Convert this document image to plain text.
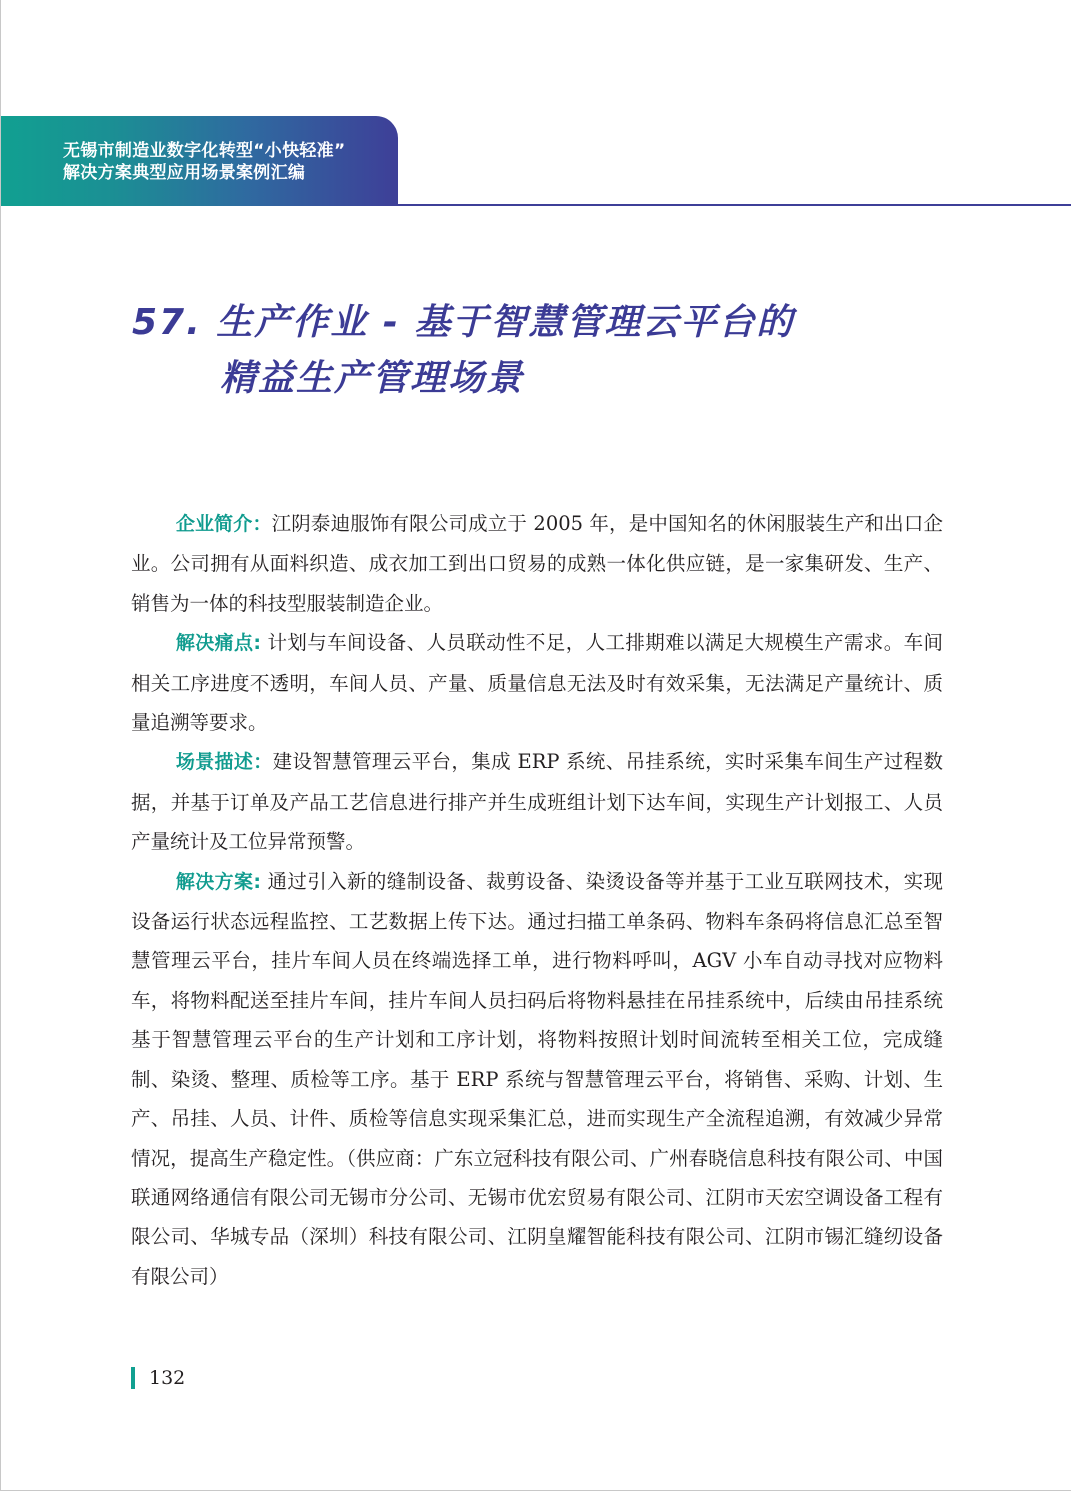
无锡市制造业数字化转型“小快轻准”
解决方案典型应用场景案例汇编
57. 生产作业 - 基于智慧管理云平台的
精益生产管理场景

企业简介：江阴泰迪服饰有限公司成立于 2005 年，是中国知名的休闲服装生产和出口企业。公司拥有从面料织造、成衣加工到出口贸易的成熟一体化供应链，是一家集研发、生产、销售为一体的科技型服装制造企业。

解决痛点: 计划与车间设备、人员联动性不足，人工排期难以满足大规模生产需求。车间相关工序进度不透明，车间人员、产量、质量信息无法及时有效采集，无法满足产量统计、质量追溯等要求。

场景描述：建设智慧管理云平台，集成 ERP 系统、吊挂系统，实时采集车间生产过程数据，并基于订单及产品工艺信息进行排产并生成班组计划下达车间，实现生产计划报工、人员产量统计及工位异常预警。

解决方案: 通过引入新的缝制设备、裁剪设备、染烫设备等并基于工业互联网技术，实现设备运行状态远程监控、工艺数据上传下达。通过扫描工单条码、物料车条码将信息汇总至智慧管理云平台，挂片车间人员在终端选择工单，进行物料呼叫，AGV 小车自动寻找对应物料车，将物料配送至挂片车间，挂片车间人员扫码后将物料悬挂在吊挂系统中，后续由吊挂系统基于智慧管理云平台的生产计划和工序计划，将物料按照计划时间流转至相关工位，完成缝制、染烫、整理、质检等工序。基于 ERP 系统与智慧管理云平台，将销售、采购、计划、生产、吊挂、人员、计件、质检等信息实现采集汇总，进而实现生产全流程追溯，有效减少异常情况，提高生产稳定性。（供应商：广东立冠科技有限公司、广州春晓信息科技有限公司、中国联通网络通信有限公司无锡市分公司、无锡市优宏贸易有限公司、江阴市天宏空调设备工程有限公司、华城专品（深圳）科技有限公司、江阴皇耀智能科技有限公司、江阴市锡汇缝纫设备有限公司）

132
